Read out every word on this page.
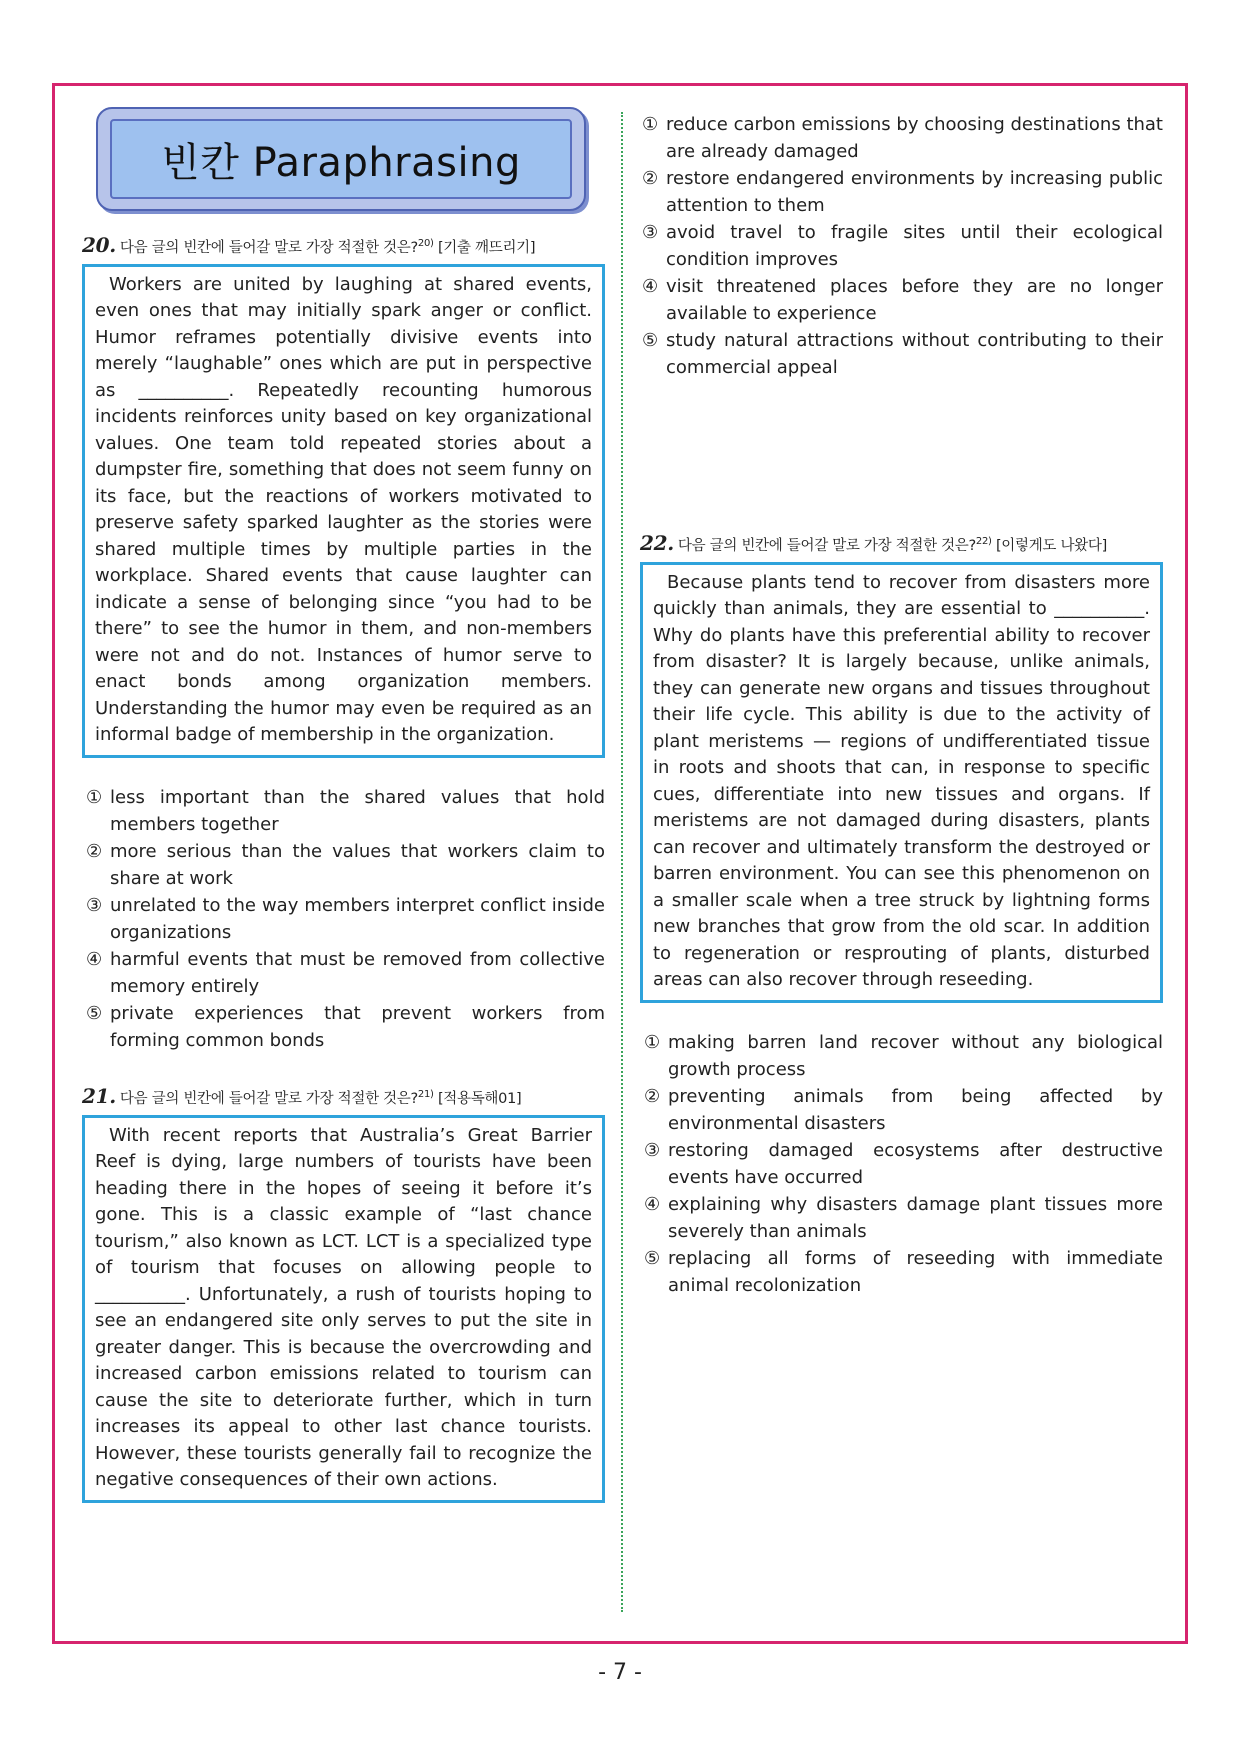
빈칸 Paraphrasing
20. 다음 글의 빈칸에 들어갈 말로 가장 적절한 것은?$^{20)}$ [기출 깨뜨리기]
Workers are united by laughing at shared events, even ones that may initially spark anger or conflict. Humor reframes potentially divisive events into merely “laughable” ones which are put in perspective as __________. Repeatedly recounting humorous incidents reinforces unity based on key organizational values. One team told repeated stories about a dumpster fire, something that does not seem funny on its face, but the reactions of workers motivated to preserve safety sparked laughter as the stories were shared multiple times by multiple parties in the workplace. Shared events that cause laughter can indicate a sense of belonging since “you had to be there” to see the humor in them, and non-members were not and do not. Instances of humor serve to enact bonds among organization members. Understanding the humor may even be required as an informal badge of membership in the organization.
① less important than the shared values that hold members together
② more serious than the values that workers claim to share at work
③ unrelated to the way members interpret conflict inside organizations
④ harmful events that must be removed from collective memory entirely
⑤ private experiences that prevent workers from forming common bonds
21. 다음 글의 빈칸에 들어갈 말로 가장 적절한 것은?$^{21)}$ [적용독해01]
With recent reports that Australia’s Great Barrier Reef is dying, large numbers of tourists have been heading there in the hopes of seeing it before it’s gone. This is a classic example of “last chance tourism,” also known as LCT. LCT is a specialized type of tourism that focuses on allowing people to __________. Unfortunately, a rush of tourists hoping to see an endangered site only serves to put the site in greater danger. This is because the overcrowding and increased carbon emissions related to tourism can cause the site to deteriorate further, which in turn increases its appeal to other last chance tourists. However, these tourists generally fail to recognize the negative consequences of their own actions.
① reduce carbon emissions by choosing destinations that are already damaged
② restore endangered environments by increasing public attention to them
③ avoid travel to fragile sites until their ecological condition improves
④ visit threatened places before they are no longer available to experience
⑤ study natural attractions without contributing to their commercial appeal
22. 다음 글의 빈칸에 들어갈 말로 가장 적절한 것은?$^{22)}$ [이렇게도 나왔다]
Because plants tend to recover from disasters more quickly than animals, they are essential to __________. Why do plants have this preferential ability to recover from disaster? It is largely because, unlike animals, they can generate new organs and tissues throughout their life cycle. This ability is due to the activity of plant meristems — regions of undifferentiated tissue in roots and shoots that can, in response to specific cues, differentiate into new tissues and organs. If meristems are not damaged during disasters, plants can recover and ultimately transform the destroyed or barren environment. You can see this phenomenon on a smaller scale when a tree struck by lightning forms new branches that grow from the old scar. In addition to regeneration or resprouting of plants, disturbed areas can also recover through reseeding.
① making barren land recover without any biological growth process
② preventing animals from being affected by environmental disasters
③ restoring damaged ecosystems after destructive events have occurred
④ explaining why disasters damage plant tissues more severely than animals
⑤ replacing all forms of reseeding with immediate animal recolonization
- 7 -
